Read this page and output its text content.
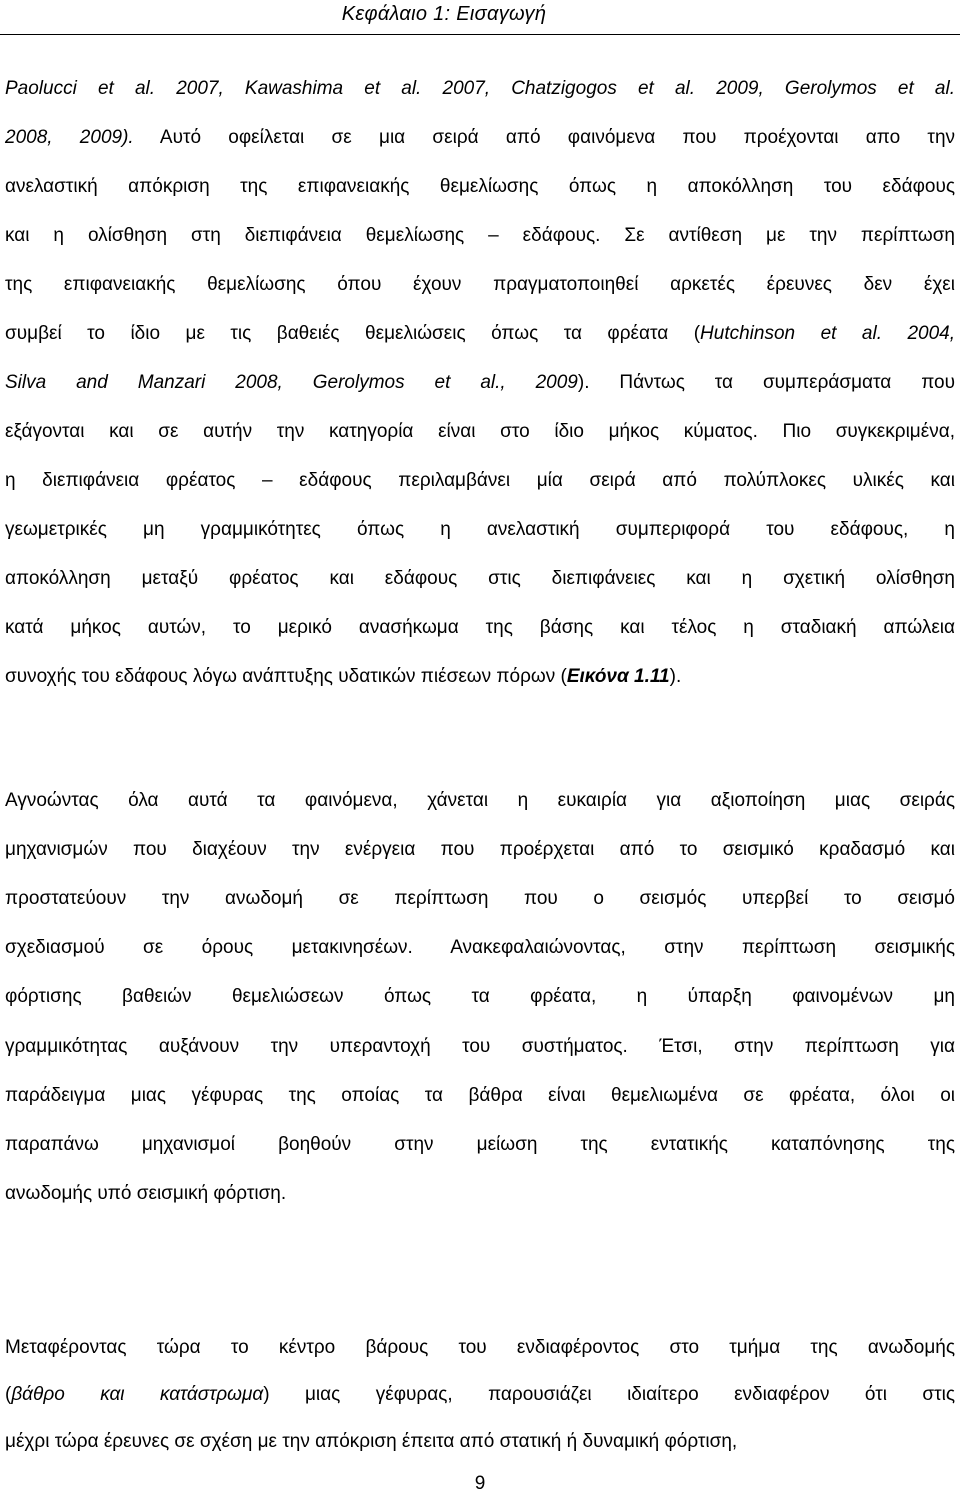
Κεφάλαιο 1: Εισαγωγή
Paolucci et al. 2007, Kawashima et al. 2007, Chatzigogos et al. 2009, Gerolymos et al.
2008, 2009). Αυτό οφείλεται σε μια σειρά από φαινόμενα που προέχονται απο την
ανελαστική απόκριση της επιφανειακής θεμελίωσης όπως η αποκόλληση του εδάφους
και η ολίσθηση στη διεπιφάνεια θεμελίωσης – εδάφους. Σε αντίθεση με την περίπτωση
της επιφανειακής θεμελίωσης όπου έχουν πραγματοποιηθεί αρκετές έρευνες δεν έχει
συμβεί το ίδιο με τις βαθειές θεμελιώσεις όπως τα φρέατα (Hutchinson et al. 2004,
Silva and Manzari 2008, Gerolymos et al., 2009). Πάντως τα συμπεράσματα που
εξάγονται και σε αυτήν την κατηγορία είναι στο ίδιο μήκος κύματος. Πιο συγκεκριμένα,
η διεπιφάνεια φρέατος – εδάφους περιλαμβάνει μία σειρά από πολύπλοκες υλικές και
γεωμετρικές μη γραμμικότητες όπως η ανελαστική συμπεριφορά του εδάφους, η
αποκόλληση μεταξύ φρέατος και εδάφους στις διεπιφάνειες και η σχετική ολίσθηση
κατά μήκος αυτών, το μερικό ανασήκωμα της βάσης και τέλος η σταδιακή απώλεια
συνοχής του εδάφους λόγω ανάπτυξης υδατικών πιέσεων πόρων (Εικόνα 1.11).
Αγνοώντας όλα αυτά τα φαινόμενα, χάνεται η ευκαιρία για αξιοποίηση μιας σειράς
μηχανισμών που διαχέουν την ενέργεια που προέρχεται από το σεισμικό κραδασμό και
προστατεύουν την ανωδομή σε περίπτωση που ο σεισμός υπερβεί το σεισμό
σχεδιασμού σε όρους μετακινησέων. Ανακεφαλαιώνοντας, στην περίπτωση σεισμικής
φόρτισης βαθειών θεμελιώσεων όπως τα φρέατα, η ύπαρξη φαινομένων μη
γραμμικότητας αυξάνουν την υπεραντοχή του συστήματος. Έτσι, στην περίπτωση για
παράδειγμα μιας γέφυρας της οποίας τα βάθρα είναι θεμελιωμένα σε φρέατα, όλοι οι
παραπάνω μηχανισμοί βοηθούν στην μείωση της εντατικής καταπόνησης της
ανωδομής υπό σεισμική φόρτιση.
Μεταφέροντας τώρα το κέντρο βάρους του ενδιαφέροντος στο τμήμα της ανωδομής
(βάθρο και κατάστρωμα) μιας γέφυρας, παρουσιάζει ιδιαίτερο ενδιαφέρον ότι στις
μέχρι τώρα έρευνες σε σχέση με την απόκριση έπειτα από στατική ή δυναμική φόρτιση,
9
